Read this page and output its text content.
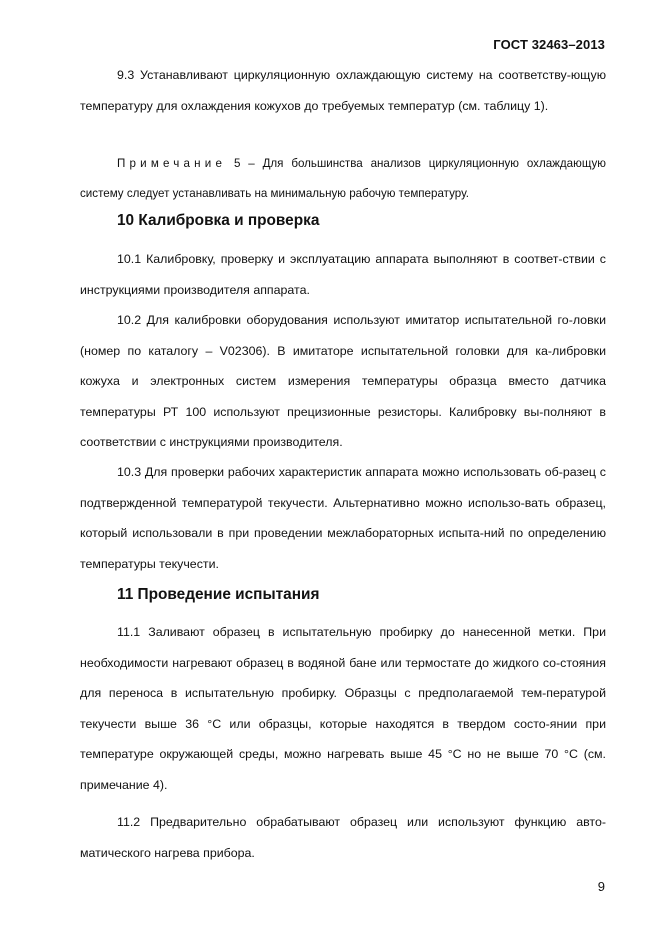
ГОСТ 32463–2013
9.3 Устанавливают циркуляционную охлаждающую систему на соответству-ющую температуру для охлаждения кожухов до требуемых температур (см. таблицу 1).
Примечание 5 – Для большинства анализов циркуляционную охлаждающую систему следует устанавливать на минимальную рабочую температуру.
10 Калибровка и проверка
10.1 Калибровку, проверку и эксплуатацию аппарата выполняют в соответ-ствии с инструкциями производителя аппарата.
10.2 Для калибровки оборудования используют имитатор испытательной го-ловки (номер по каталогу – V02306). В имитаторе испытательной головки для ка-либровки кожуха и электронных систем измерения температуры образца вместо датчика температуры РТ 100 используют прецизионные резисторы. Калибровку вы-полняют в соответствии с инструкциями производителя.
10.3 Для проверки рабочих характеристик аппарата можно использовать об-разец с подтвержденной температурой текучести. Альтернативно можно использо-вать образец, который использовали в при проведении межлабораторных испыта-ний по определению температуры текучести.
11 Проведение испытания
11.1 Заливают образец в испытательную пробирку до нанесенной метки. При необходимости нагревают образец в водяной бане или термостате до жидкого со-стояния для переноса в испытательную пробирку. Образцы с предполагаемой тем-пературой текучести выше 36 °С или образцы, которые находятся в твердом состо-янии при температуре окружающей среды, можно нагревать выше 45 °С но не выше 70 °С (см. примечание 4).
11.2 Предварительно обрабатывают образец или используют функцию авто-матического нагрева прибора.
9
